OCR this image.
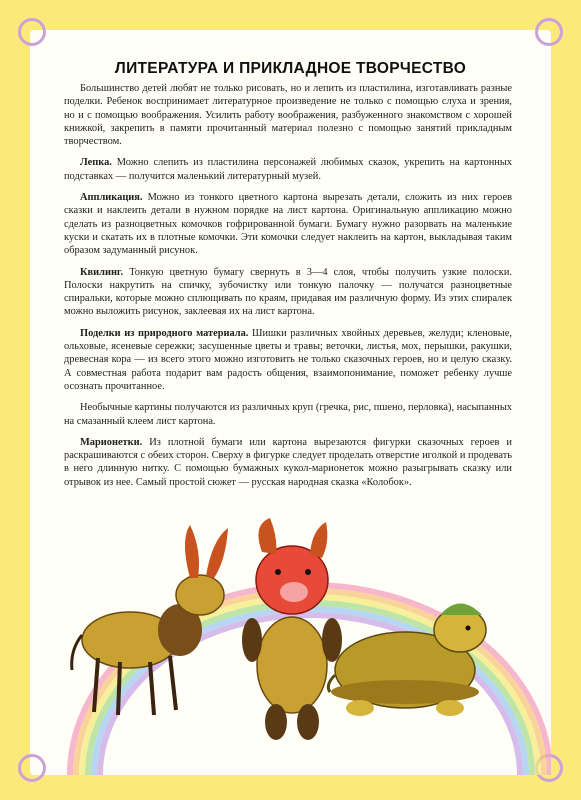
ЛИТЕРАТУРА И ПРИКЛАДНОЕ ТВОРЧЕСТВО

Большинство детей любят не только рисовать, но и лепить из пластилина, изготавливать разные поделки. Ребенок воспринимает литературное произведение не только с помощью слуха и зрения, но и с помощью воображения. Усилить работу воображения, разбуженного знакомством с хорошей книжкой, закрепить в памяти прочитанный материал полезно с помощью занятий прикладным творчеством.

Лепка. Можно слепить из пластилина персонажей любимых сказок, укрепить на картонных подставках — получится маленький литературный музей.

Аппликация. Можно из тонкого цветного картона вырезать детали, сложить из них героев сказки и наклеить детали в нужном порядке на лист картона. Оригинальную аппликацию можно сделать из разноцветных комочков гофрированной бумаги. Бумагу нужно разорвать на маленькие куски и скатать их в плотные комочки. Эти комочки следует наклеить на картон, выкладывая таким образом задуманный рисунок.

Квилинг. Тонкую цветную бумагу свернуть в 3—4 слоя, чтобы получить узкие полоски. Полоски накрутить на спичку, зубочистку или тонкую палочку — получатся разноцветные спиральки, которые можно сплющивать по краям, придавая им различную форму. Из этих спиралек можно выложить рисунок, заклеевая их на лист картона.

Поделки из природного материала. Шишки различных хвойных деревьев, желуди; кленовые, ольховые, ясеневые сережки; засушенные цветы и травы; веточки, листья, мох, перышки, ракушки, древесная кора — из всего этого можно изготовить не только сказочных героев, но и целую сказку. А совместная работа подарит вам радость общения, взаимопонимание, поможет ребенку лучше осознать прочитанное.

Необычные картины получаются из различных круп (гречка, рис, пшено, перловка), насыпанных на смазанный клеем лист картона.

Марионетки. Из плотной бумаги или картона вырезаются фигурки сказочных героев и раскрашиваются с обеих сторон. Сверху в фигурке следует проделать отверстие иголкой и продевать в него длинную нитку. С помощью бумажных кукол-марионеток можно разыгрывать сказку или отрывок из нее. Самый простой сюжет — русская народная сказка «Колобок».
